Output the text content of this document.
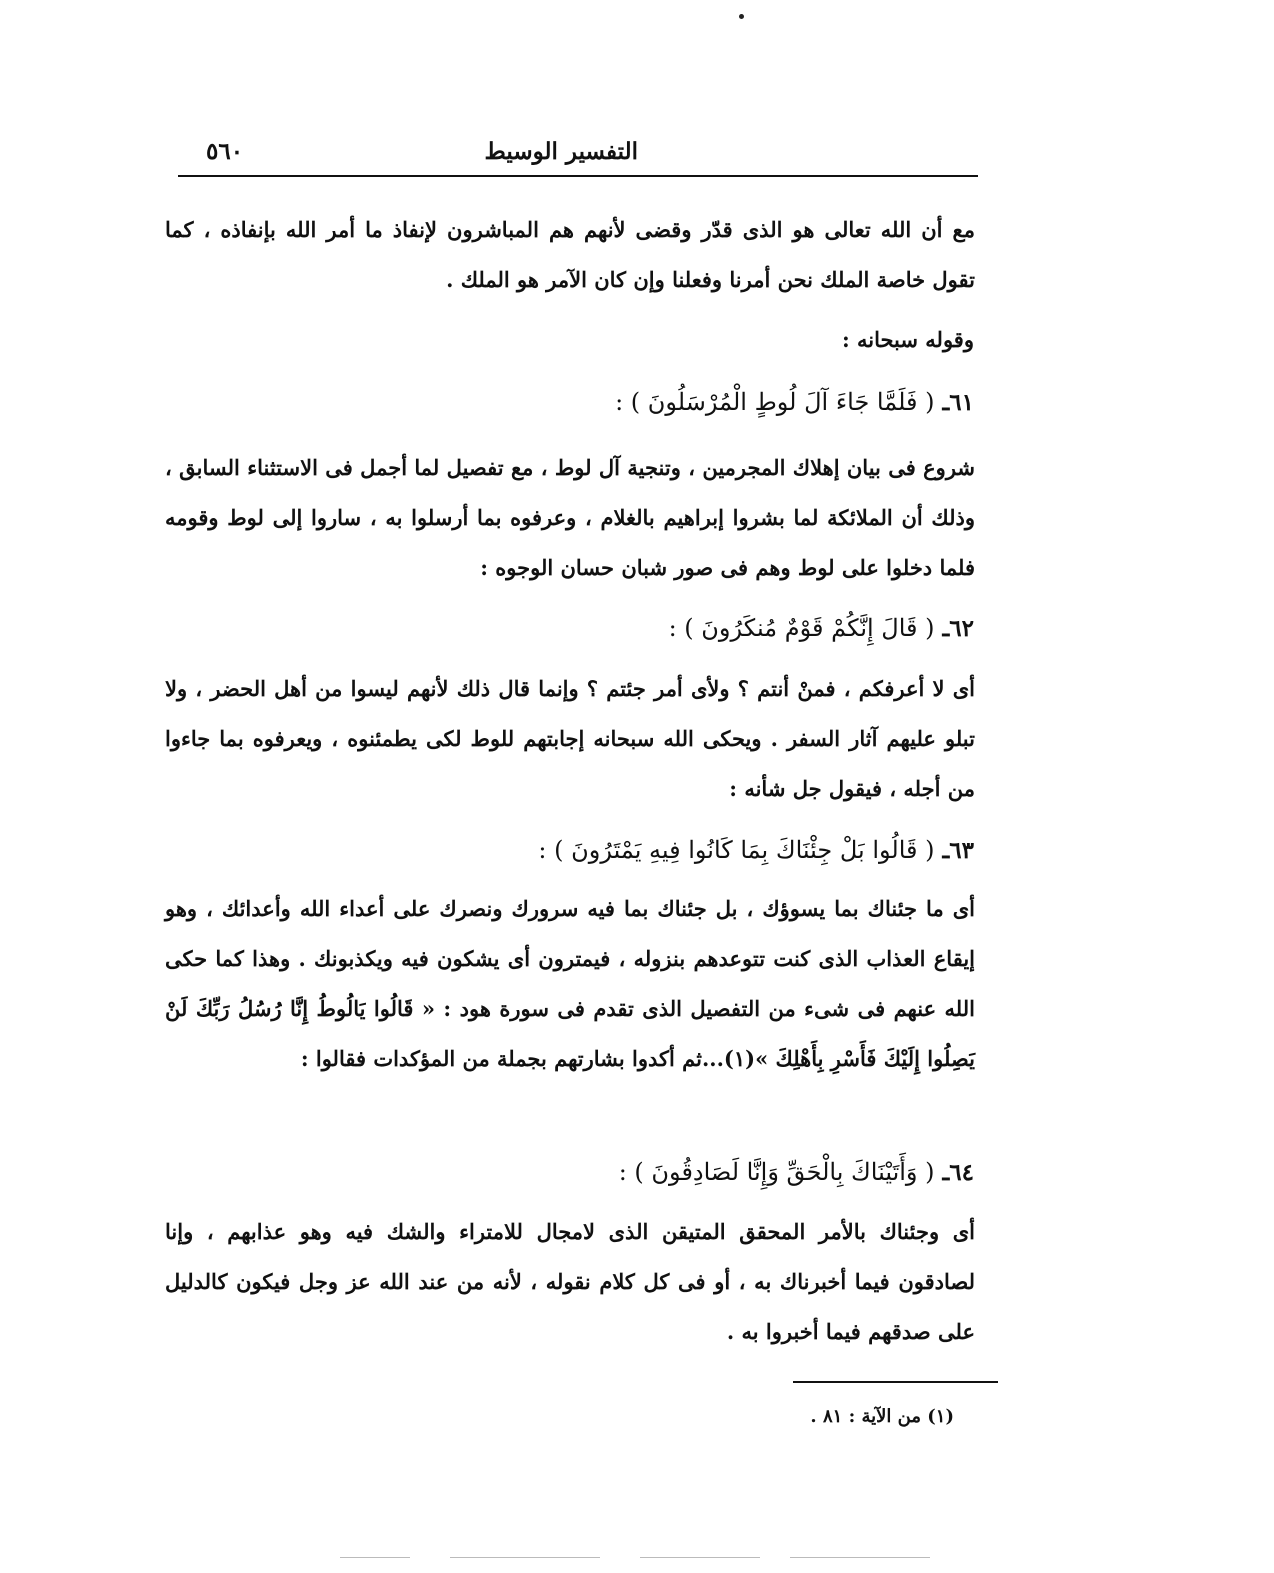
التفسير الوسيط
٥٦٠
مع أن الله تعالى هو الذى قدّر وقضى لأنهم هم المباشرون لإنفاذ ما أمر الله بإنفاذه ، كما تقول خاصة الملك نحن أمرنا وفعلنا وإن كان الآمر هو الملك .
وقوله سبحانه :
٦١ـ ( فَلَمَّا جَاءَ آلَ لُوطٍ الْمُرْسَلُونَ ) :
شروع فى بيان إهلاك المجرمين ، وتنجية آل لوط ، مع تفصيل لما أجمل فى الاستثناء السابق ، وذلك أن الملائكة لما بشروا إبراهيم بالغلام ، وعرفوه بما أرسلوا به ، ساروا إلى لوط وقومه فلما دخلوا على لوط وهم فى صور شبان حسان الوجوه :
٦٢ـ ( قَالَ إِنَّكُمْ قَوْمٌ مُنكَرُونَ ) :
أى لا أعرفكم ، فمنْ أنتم ؟ ولأى أمر جئتم ؟ وإنما قال ذلك لأنهم ليسوا من أهل الحضر ، ولا تبلو عليهم آثار السفر . ويحكى الله سبحانه إجابتهم للوط لكى يطمئنوه ، ويعرفوه بما جاءوا من أجله ، فيقول جل شأنه :
٦٣ـ ( قَالُوا بَلْ جِئْنَاكَ بِمَا كَانُوا فِيهِ يَمْتَرُونَ ) :
أى ما جئناك بما يسوؤك ، بل جئناك بما فيه سرورك ونصرك على أعداء الله وأعدائك ، وهو إيقاع العذاب الذى كنت تتوعدهم بنزوله ، فيمترون أى يشكون فيه ويكذبونك . وهذا كما حكى الله عنهم فى شىء من التفصيل الذى تقدم فى سورة هود : « قَالُوا يَالُوطُ إِنَّا رُسُلُ رَبِّكَ لَنْ يَصِلُوا إِلَيْكَ فَأَسْرِ بِأَهْلِكَ »(١)...ثم أكدوا بشارتهم بجملة من المؤكدات فقالوا :
٦٤ـ ( وَأَتَيْنَاكَ بِالْحَقِّ وَإِنَّا لَصَادِقُونَ ) :
أى وجئناك بالأمر المحقق المتيقن الذى لامجال للامتراء والشك فيه وهو عذابهم ، وإنا لصادقون فيما أخبرناك به ، أو فى كل كلام نقوله ، لأنه من عند الله عز وجل فيكون كالدليل على صدقهم فيما أخبروا به .
(١) من الآية : ٨١ .
